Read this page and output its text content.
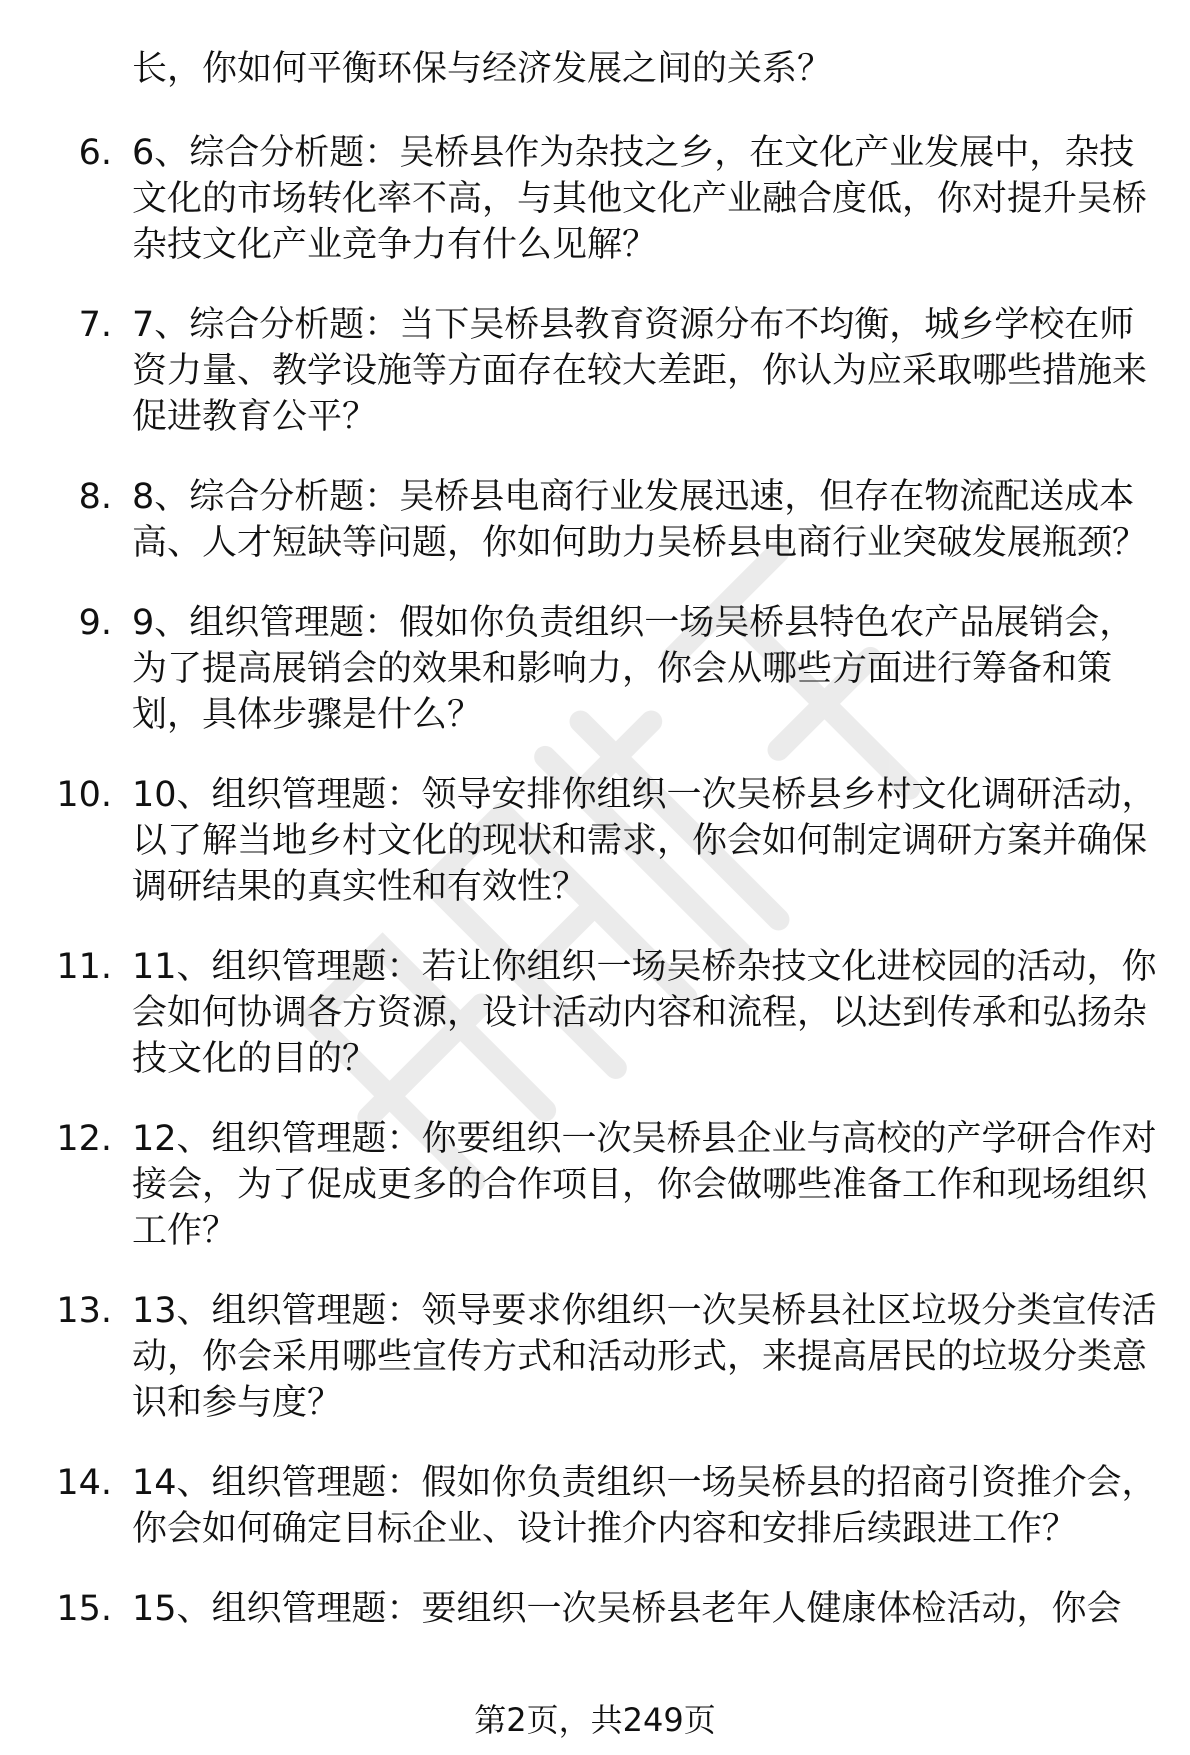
长，你如何平衡环保与经济发展之间的关系？

6. 6、综合分析题：吴桥县作为杂技之乡，在文化产业发展中，杂技文化的市场转化率不高，与其他文化产业融合度低，你对提升吴桥杂技文化产业竞争力有什么见解？
7. 7、综合分析题：当下吴桥县教育资源分布不均衡，城乡学校在师资力量、教学设施等方面存在较大差距，你认为应采取哪些措施来促进教育公平？
8. 8、综合分析题：吴桥县电商行业发展迅速，但存在物流配送成本高、人才短缺等问题，你如何助力吴桥县电商行业突破发展瓶颈？
9. 9、组织管理题：假如你负责组织一场吴桥县特色农产品展销会，为了提高展销会的效果和影响力，你会从哪些方面进行筹备和策划，具体步骤是什么？
10. 10、组织管理题：领导安排你组织一次吴桥县乡村文化调研活动，以了解当地乡村文化的现状和需求，你会如何制定调研方案并确保调研结果的真实性和有效性？
11. 11、组织管理题：若让你组织一场吴桥杂技文化进校园的活动，你会如何协调各方资源，设计活动内容和流程，以达到传承和弘扬杂技文化的目的？
12. 12、组织管理题：你要组织一次吴桥县企业与高校的产学研合作对接会，为了促成更多的合作项目，你会做哪些准备工作和现场组织工作？
13. 13、组织管理题：领导要求你组织一次吴桥县社区垃圾分类宣传活动，你会采用哪些宣传方式和活动形式，来提高居民的垃圾分类意识和参与度？
14. 14、组织管理题：假如你负责组织一场吴桥县的招商引资推介会，你会如何确定目标企业、设计推介内容和安排后续跟进工作？
15. 15、组织管理题：要组织一次吴桥县老年人健康体检活动，你会
第2页，共249页
